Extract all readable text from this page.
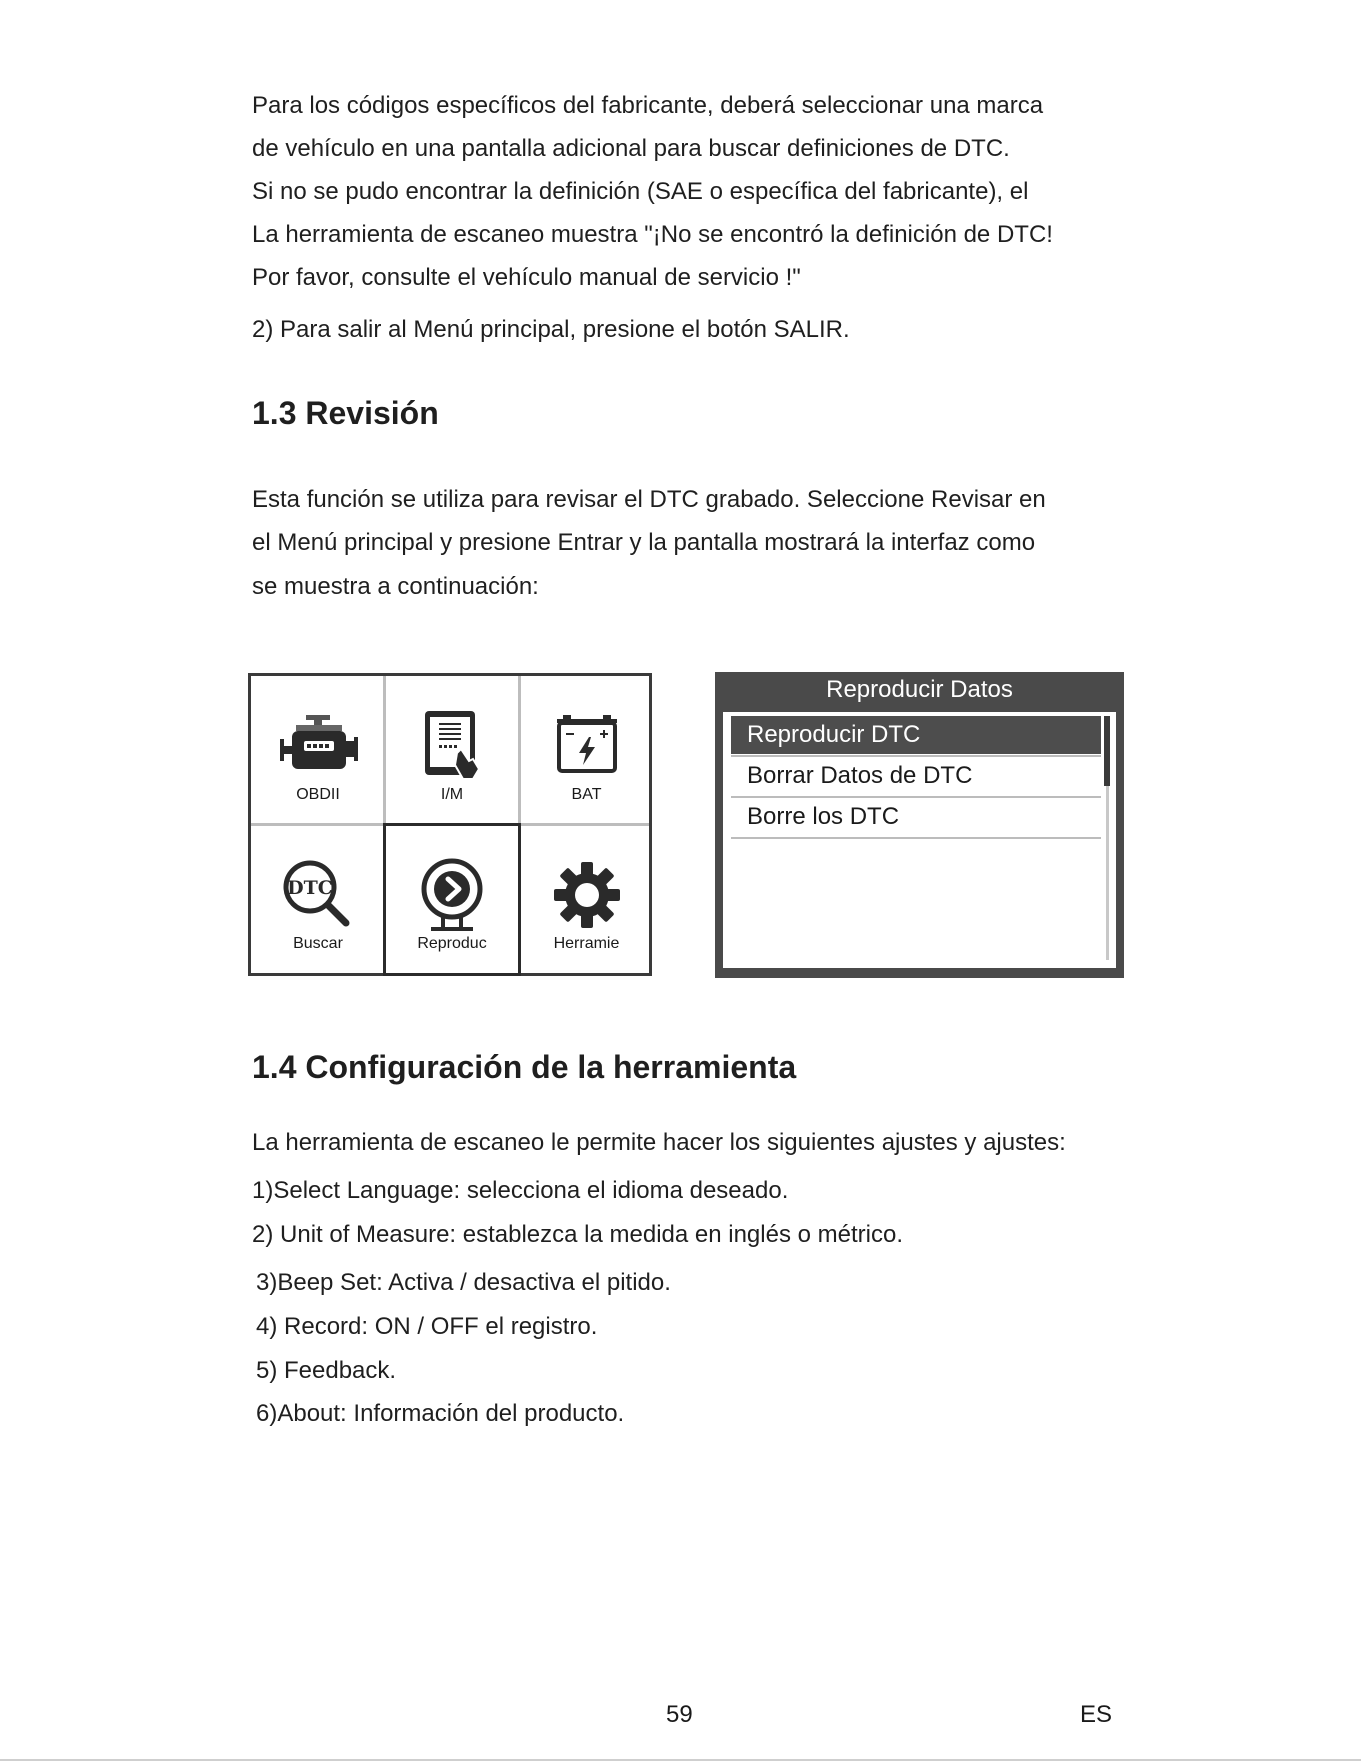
Para los códigos específicos del fabricante, deberá seleccionar una marca

de vehículo en una pantalla adicional para buscar definiciones de DTC.

Si no se pudo encontrar la definición (SAE o específica del fabricante), el

La herramienta de escaneo muestra "¡No se encontró la definición de DTC!

Por favor, consulte el vehículo manual de servicio !"

2) Para salir al Menú principal, presione el botón SALIR.

1.3 Revisión

Esta función se utiliza para revisar el DTC grabado. Seleccione Revisar en

el Menú principal y presione Entrar y la pantalla mostrará la interfaz como

se muestra a continuación:

OBDII	I/M	BAT
DTC
Buscar	Reproduc	Herramie
Reproducir Datos
Reproducir DTC
Borrar Datos de DTC
Borre los DTC
1.4 Configuración de la herramienta

La herramienta de escaneo le permite hacer los siguientes ajustes y ajustes:

1)Select Language: selecciona el idioma deseado.

2) Unit of Measure: establezca la medida en inglés o métrico.

3)Beep Set: Activa / desactiva el pitido.

4) Record: ON / OFF el registro.

5) Feedback.

6)About: Información del producto.

59	ES
